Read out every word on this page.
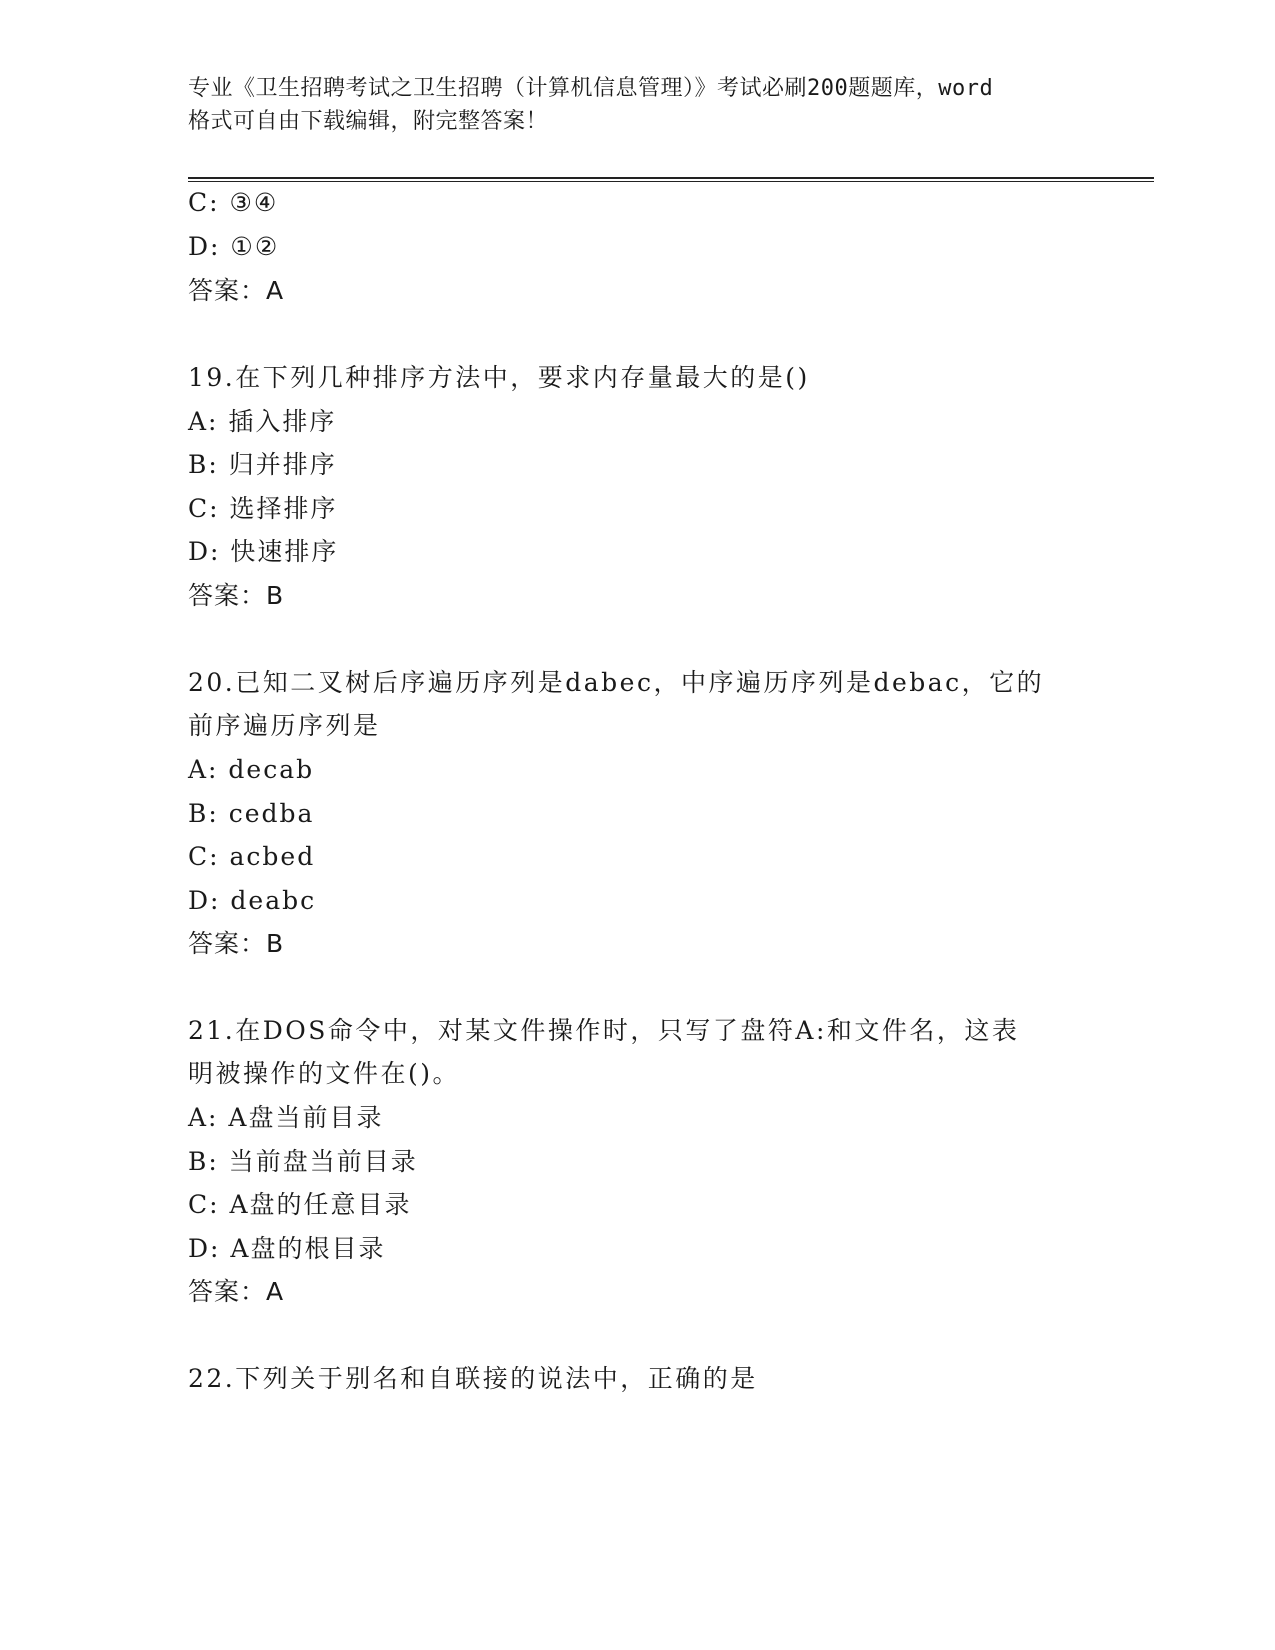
专业《卫生招聘考试之卫生招聘（计算机信息管理）》考试必刷200题题库，word
格式可自由下载编辑，附完整答案！
C: ③④
D: ①②
答案：A
19.在下列几种排序方法中，要求内存量最大的是()
A: 插入排序
B: 归并排序
C: 选择排序
D: 快速排序
答案：B
20.已知二叉树后序遍历序列是dabec，中序遍历序列是debac，它的
前序遍历序列是
A: decab
B: cedba
C: acbed
D: deabc
答案：B
21.在DOS命令中，对某文件操作时，只写了盘符A:和文件名，这表
明被操作的文件在()。
A: A盘当前目录
B: 当前盘当前目录
C: A盘的任意目录
D: A盘的根目录
答案：A
22.下列关于别名和自联接的说法中，正确的是
